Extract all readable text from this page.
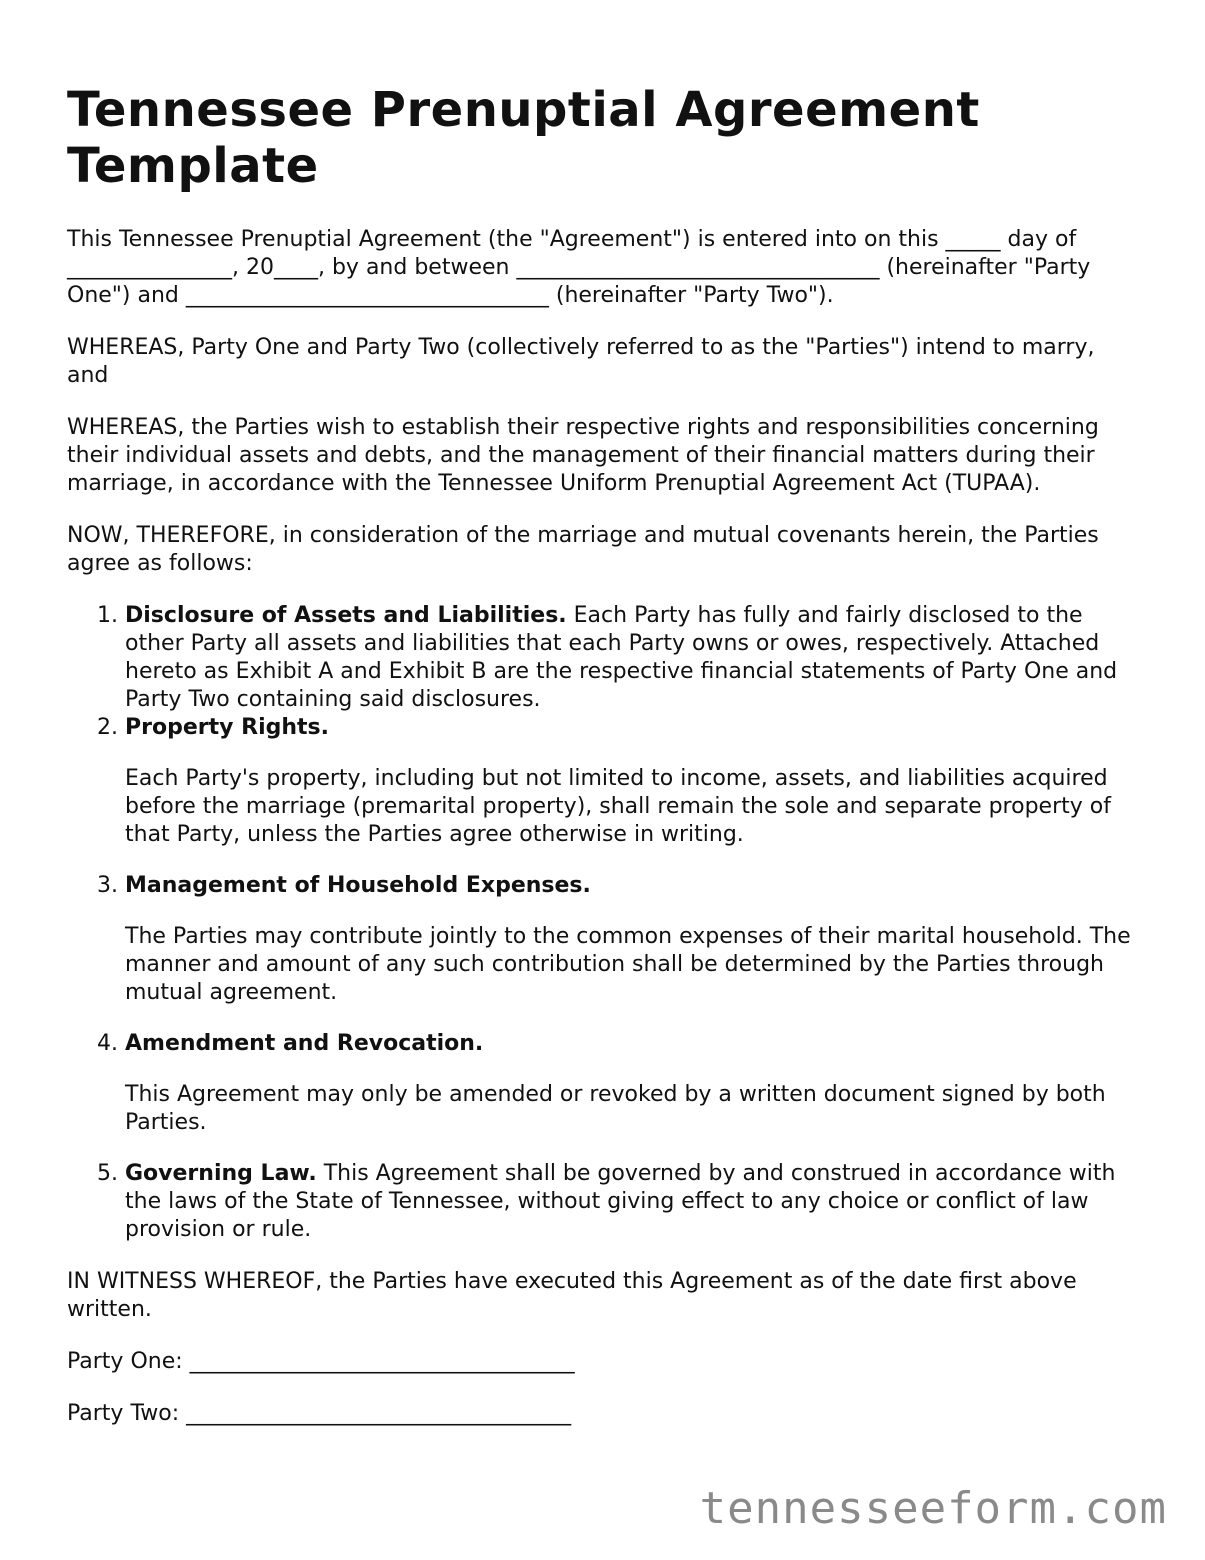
Tennessee Prenuptial Agreement Template

This Tennessee Prenuptial Agreement (the "Agreement") is entered into on this _____ day of _______________, 20____, by and between _________________________________ (hereinafter "Party One") and _________________________________ (hereinafter "Party Two").

WHEREAS, Party One and Party Two (collectively referred to as the "Parties") intend to marry, and

WHEREAS, the Parties wish to establish their respective rights and responsibilities concerning their individual assets and debts, and the management of their financial matters during their marriage, in accordance with the Tennessee Uniform Prenuptial Agreement Act (TUPAA).

NOW, THEREFORE, in consideration of the marriage and mutual covenants herein, the Parties agree as follows:

1. Disclosure of Assets and Liabilities. Each Party has fully and fairly disclosed to the other Party all assets and liabilities that each Party owns or owes, respectively. Attached hereto as Exhibit A and Exhibit B are the respective financial statements of Party One and Party Two containing said disclosures.
2. Property Rights.

Each Party's property, including but not limited to income, assets, and liabilities acquired before the marriage (premarital property), shall remain the sole and separate property of that Party, unless the Parties agree otherwise in writing.

3. Management of Household Expenses.

The Parties may contribute jointly to the common expenses of their marital household. The manner and amount of any such contribution shall be determined by the Parties through mutual agreement.

4. Amendment and Revocation.

This Agreement may only be amended or revoked by a written document signed by both Parties.

5. Governing Law. This Agreement shall be governed by and construed in accordance with the laws of the State of Tennessee, without giving effect to any choice or conflict of law provision or rule.

IN WITNESS WHEREOF, the Parties have executed this Agreement as of the date first above written.

Party One: ___________________________________

Party Two: ___________________________________

tennesseeform.com
